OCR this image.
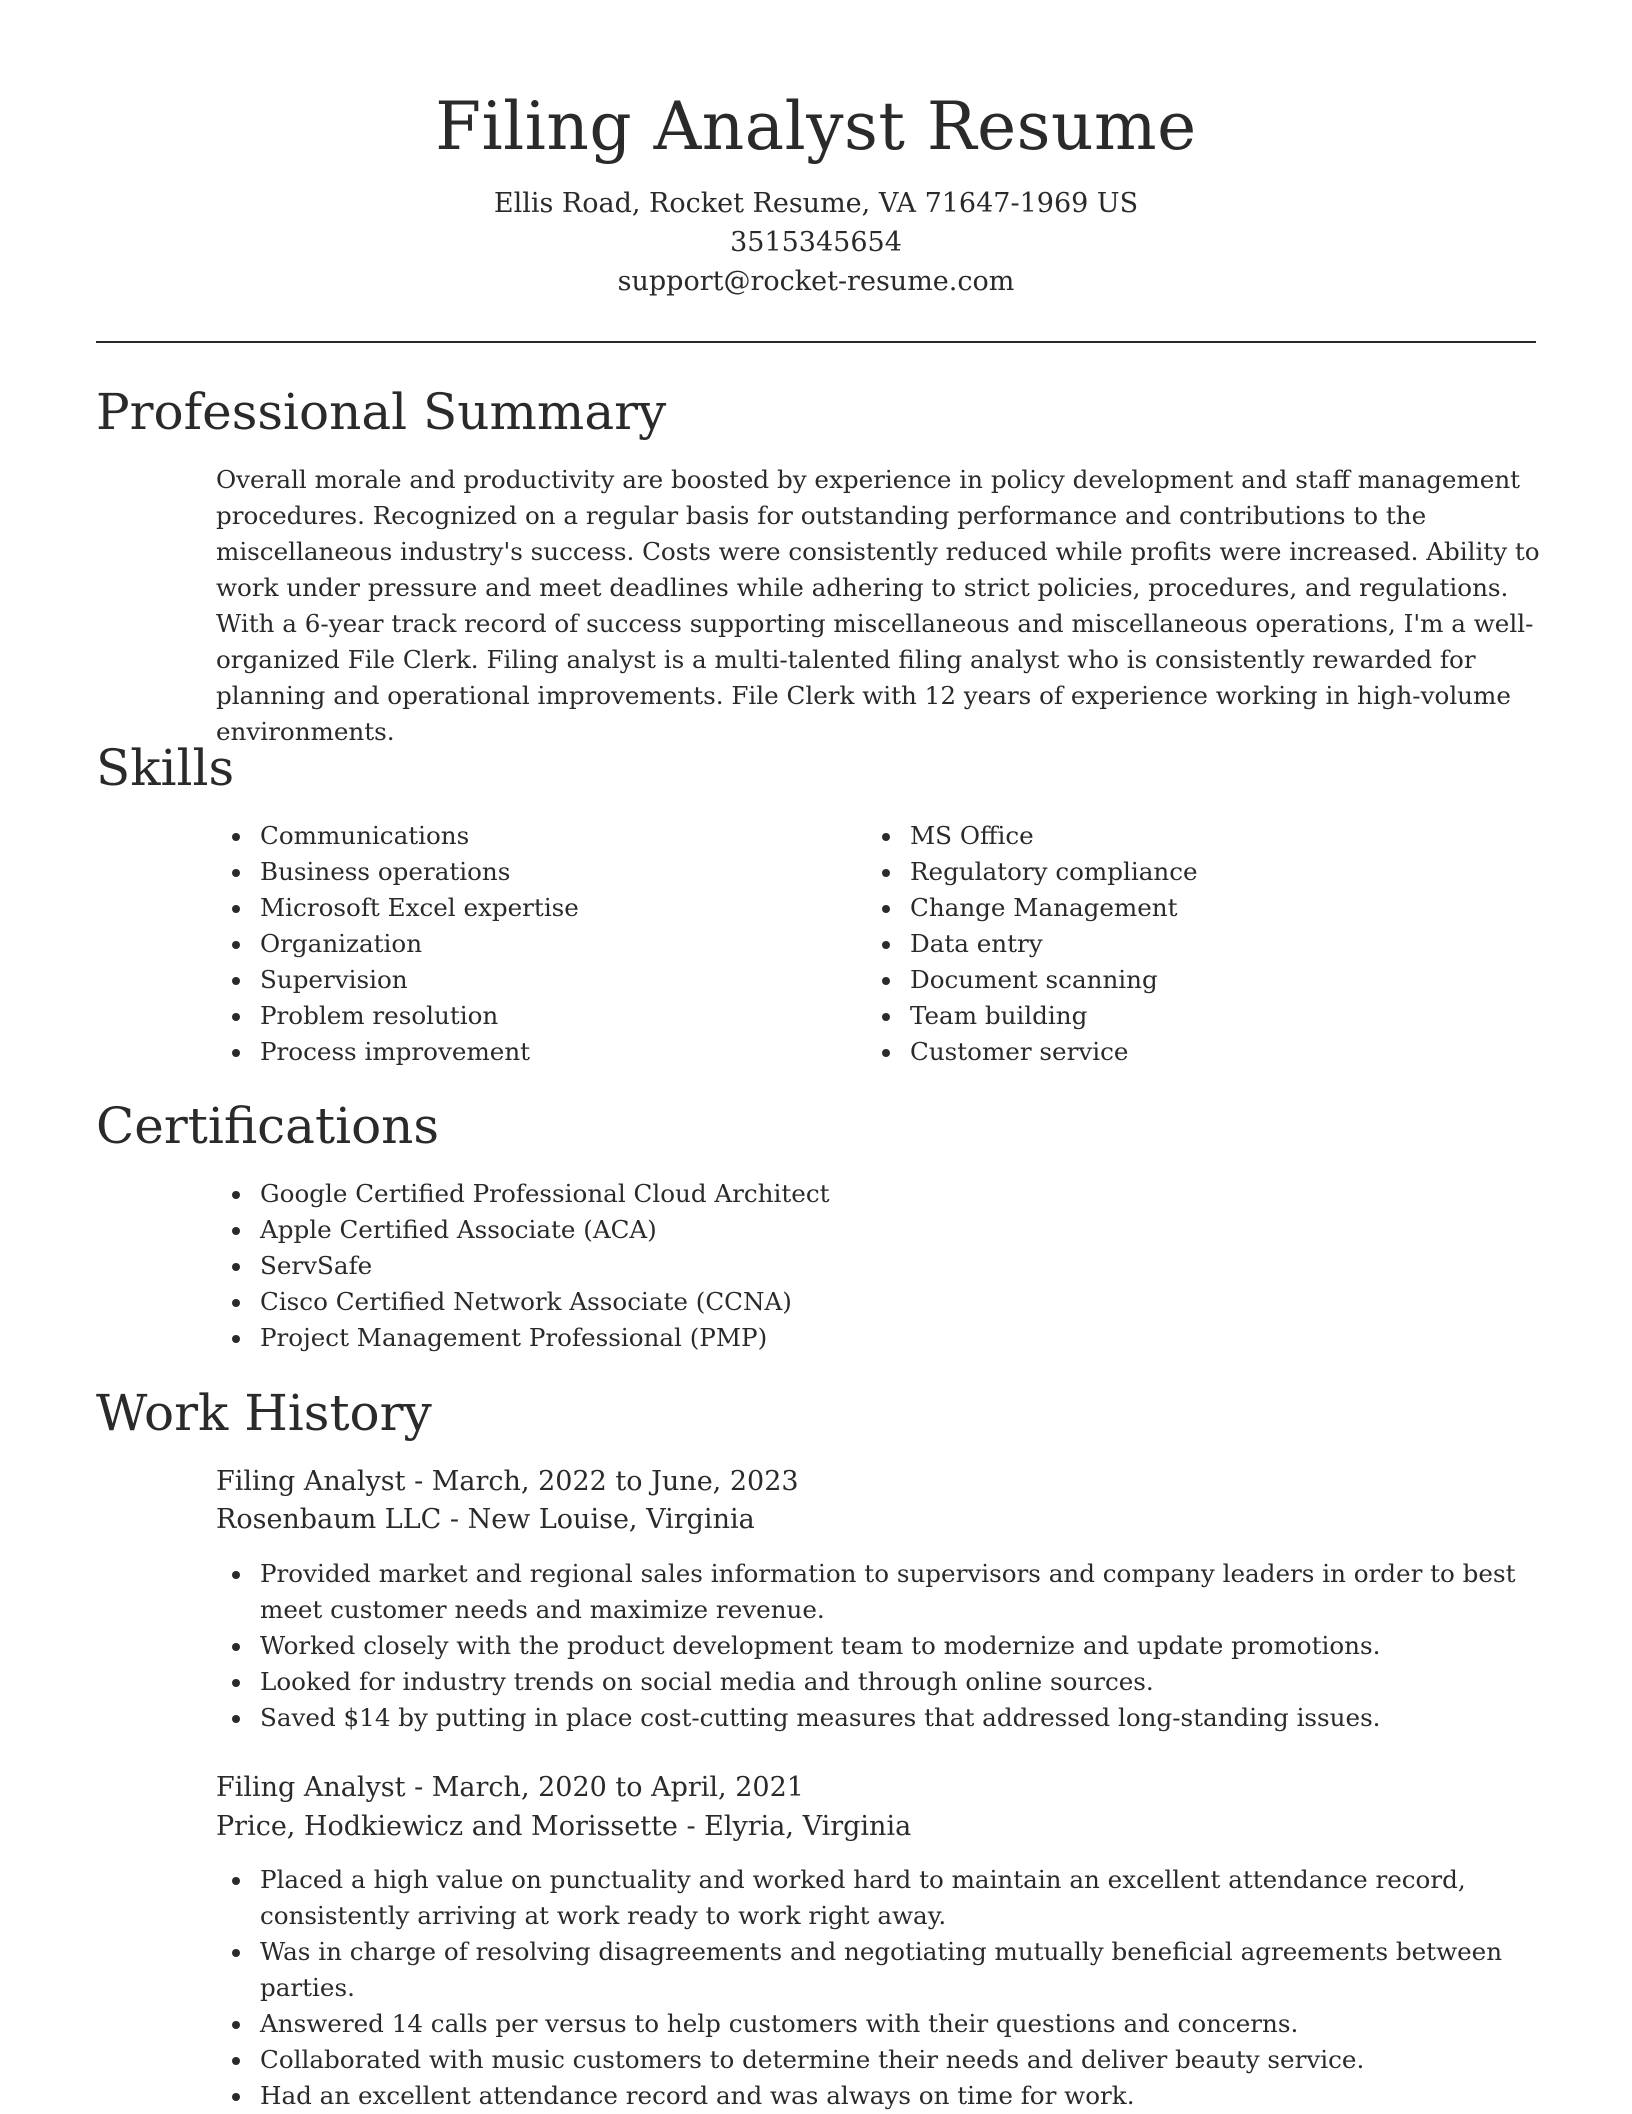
Filing Analyst Resume
Ellis Road, Rocket Resume, VA 71647-1969 US
3515345654
support@rocket-resume.com
Professional Summary

Overall morale and productivity are boosted by experience in policy development and staff management procedures. Recognized on a regular basis for outstanding performance and contributions to the miscellaneous industry's success. Costs were consistently reduced while profits were increased. Ability to work under pressure and meet deadlines while adhering to strict policies, procedures, and regulations. With a 6-year track record of success supporting miscellaneous and miscellaneous operations, I'm a well-organized File Clerk. Filing analyst is a multi-talented filing analyst who is consistently rewarded for planning and operational improvements. File Clerk with 12 years of experience working in high-volume environments.

Skills
Communications
Business operations
Microsoft Excel expertise
Organization
Supervision
Problem resolution
Process improvement
MS Office
Regulatory compliance
Change Management
Data entry
Document scanning
Team building
Customer service
Certifications
Google Certified Professional Cloud Architect
Apple Certified Associate (ACA)
ServSafe
Cisco Certified Network Associate (CCNA)
Project Management Professional (PMP)
Work History
Filing Analyst - March, 2022 to June, 2023
Rosenbaum LLC - New Louise, Virginia
Provided market and regional sales information to supervisors and company leaders in order to best meet customer needs and maximize revenue.
Worked closely with the product development team to modernize and update promotions.
Looked for industry trends on social media and through online sources.
Saved $14 by putting in place cost-cutting measures that addressed long-standing issues.
Filing Analyst - March, 2020 to April, 2021
Price, Hodkiewicz and Morissette - Elyria, Virginia
Placed a high value on punctuality and worked hard to maintain an excellent attendance record, consistently arriving at work ready to work right away.
Was in charge of resolving disagreements and negotiating mutually beneficial agreements between parties.
Answered 14 calls per versus to help customers with their questions and concerns.
Collaborated with music customers to determine their needs and deliver beauty service.
Had an excellent attendance record and was always on time for work.
